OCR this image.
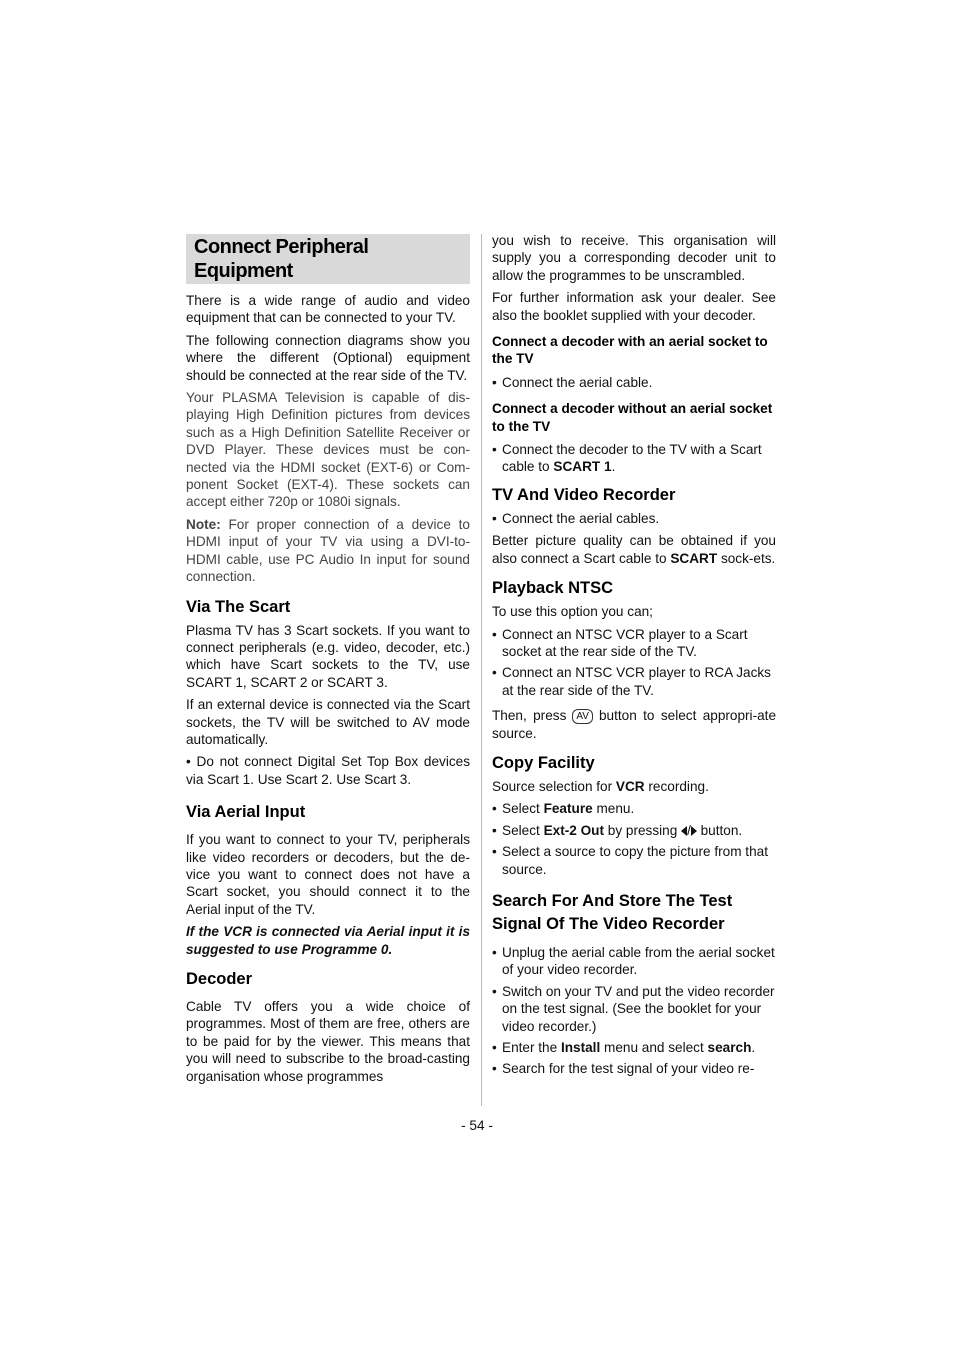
Connect Peripheral Equipment

There is a wide range of audio and video equipment that can be connected to your TV.

The following connection diagrams show you where the different (Optional) equipment should be connected at the rear side of the TV.

Your PLASMA Television is capable of dis-playing High Definition pictures from devices such as a High Definition Satellite Receiver or DVD Player. These devices must be con-nected via the HDMI socket (EXT-6) or Com-ponent Socket (EXT-4). These sockets can accept either 720p or 1080i signals.

Note: For proper connection of a device to HDMI input of your TV via using a DVI-to-HDMI cable, use PC Audio In input for sound connection.

Via The Scart

Plasma TV has 3 Scart sockets. If you want to connect peripherals (e.g. video, decoder, etc.) which have Scart sockets to the TV, use SCART 1, SCART 2 or SCART 3.

If an external device is connected via the Scart sockets, the TV will be switched to AV mode automatically.

• Do not connect Digital Set Top Box devices via Scart 1. Use Scart 2. Use Scart 3.

Via Aerial Input

If you want to connect to your TV, peripherals like video recorders or decoders, but the de-vice you want to connect does not have a Scart socket, you should connect it to the Aerial input of the TV.

If the VCR is connected via Aerial input it is suggested to use Programme 0.

Decoder

Cable TV offers you a wide choice of programmes. Most of them are free, others are to be paid for by the viewer. This means that you will need to subscribe to the broad-casting organisation whose programmes

you wish to receive. This organisation will supply you a corresponding decoder unit to allow the programmes to be unscrambled.

For further information ask your dealer. See also the booklet supplied with your decoder.

Connect a decoder with an aerial socket to the TV
• Connect the aerial cable.
Connect a decoder without an aerial socket to the TV
• Connect the decoder to the TV with a Scart cable to SCART 1.
TV And Video Recorder
• Connect the aerial cables.

Better picture quality can be obtained if you also connect a Scart cable to SCART sock-ets.

Playback NTSC

To use this option you can;

• Connect an NTSC VCR player to a Scart socket at the rear side of the TV.
• Connect an NTSC VCR player to RCA Jacks at the rear side of the TV.

Then, press AV button to select appropri-ate source.

Copy Facility

Source selection for VCR recording.

• Select Feature menu.
• Select Ext-2 Out by pressing / button.
• Select a source to copy the picture from that source.
Search For And Store The Test Signal Of The Video Recorder
• Unplug the aerial cable from the aerial socket of your video recorder.
• Switch on your TV and put the video recorder on the test signal. (See the booklet for your video recorder.)
• Enter the Install menu and select search.
• Search for the test signal of your video re-
- 54 -
